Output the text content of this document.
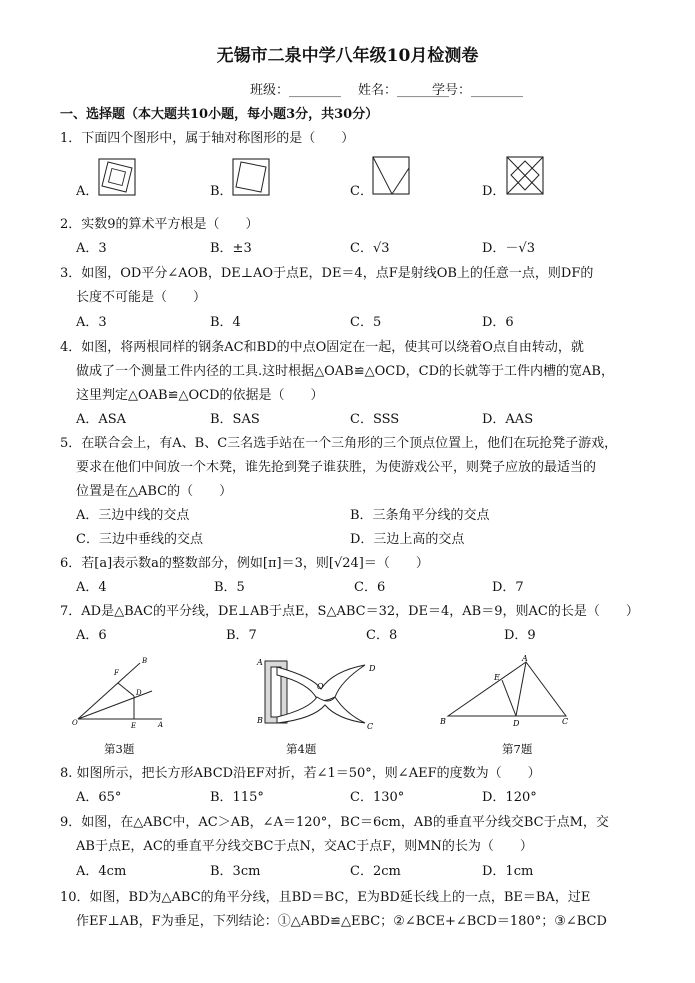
无锡市二泉中学八年级10月检测卷
班级：________ 姓名：________
学号：________
一、选择题（本大题共10小题，每小题3分，共30分）
1．下面四个图形中，属于轴对称图形的是（　　）
A．	B．	C．	D．
2．实数9的算术平方根是（　　）
A．3	B．±3	C．√3	D．－√3
3．如图，OD平分∠AOB，DE⊥AO于点E，DE＝4，点F是射线OB上的任意一点，则DF的
长度不可能是（　　）
A．3	B．4	C．5	D．6
4．如图，将两根同样的钢条AC和BD的中点O固定在一起，使其可以绕着O点自由转动，就
做成了一个测量工件内径的工具.这时根据△OAB≌△OCD，CD的长就等于工件内槽的宽AB，
这里判定△OAB≌△OCD的依据是（　　）
A．ASA	B．SAS	C．SSS	D．AAS
5．在联合会上，有A、B、C三名选手站在一个三角形的三个顶点位置上，他们在玩抢凳子游戏，
要求在他们中间放一个木凳，谁先抢到凳子谁获胜，为使游戏公平，则凳子应放的最适当的
位置是在△ABC的（　　）
A．三边中线的交点	B．三条角平分线的交点
C．三边中垂线的交点	D．三边上高的交点
6．若[a]表示数a的整数部分，例如[π]＝3，则[√24]＝（　　）
A．4	B．5	C．6	D．7
7．AD是△BAC的平分线，DE⊥AB于点E，S△ABC＝32，DE＝4，AB＝9，则AC的长是（　　）
A．6	B．7	C．8	D．9
F
B
D
O	E	A
第3题
A
B
O
D
C
第4题
A
E
B	D	C
第7题
8. 如图所示，把长方形ABCD沿EF对折，若∠1＝50°，则∠AEF的度数为（　　）
A．65°	B．115°	C．130°	D．120°
9．如图，在△ABC中，AC＞AB，∠A＝120°，BC＝6cm，AB的垂直平分线交BC于点M，交
AB于点E，AC的垂直平分线交BC于点N，交AC于点F，则MN的长为（　　）
A．4cm	B．3cm	C．2cm	D．1cm
10．如图，BD为△ABC的角平分线，且BD＝BC，E为BD延长线上的一点，BE＝BA，过E
作EF⊥AB，F为垂足，下列结论：①△ABD≌△EBC；②∠BCE+∠BCD＝180°；③∠BCD
